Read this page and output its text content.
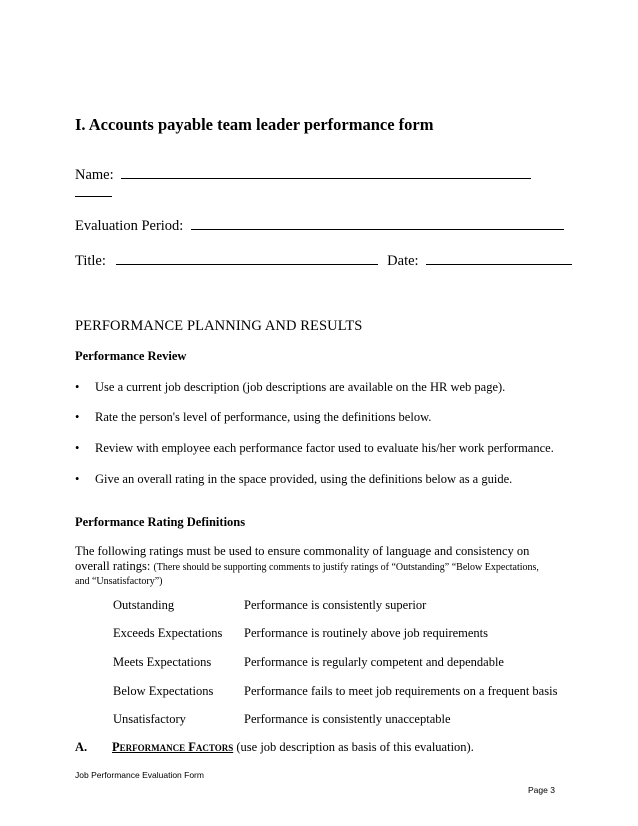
I. Accounts payable team leader performance form
Name:
Evaluation Period:
Title:	Date:
PERFORMANCE PLANNING AND RESULTS
Performance Review
• Use a current job description (job descriptions are available on the HR web page).
• Rate the person's level of performance, using the definitions below.
• Review with employee each performance factor used to evaluate his/her work performance.
• Give an overall rating in the space provided, using the definitions below as a guide.
Performance Rating Definitions
The following ratings must be used to ensure commonality of language and consistency on
overall ratings: (There should be supporting comments to justify ratings of “Outstanding” “Below Expectations,
and “Unsatisfactory”)
Outstanding	Performance is consistently superior
Exceeds Expectations Performance is routinely above job requirements
Meets Expectations	Performance is regularly competent and dependable
Below Expectations Performance fails to meet job requirements on a frequent basis
Unsatisfactory	Performance is consistently unacceptable
A. Performance Factors (use job description as basis of this evaluation).
Job Performance Evaluation Form
Page 3
